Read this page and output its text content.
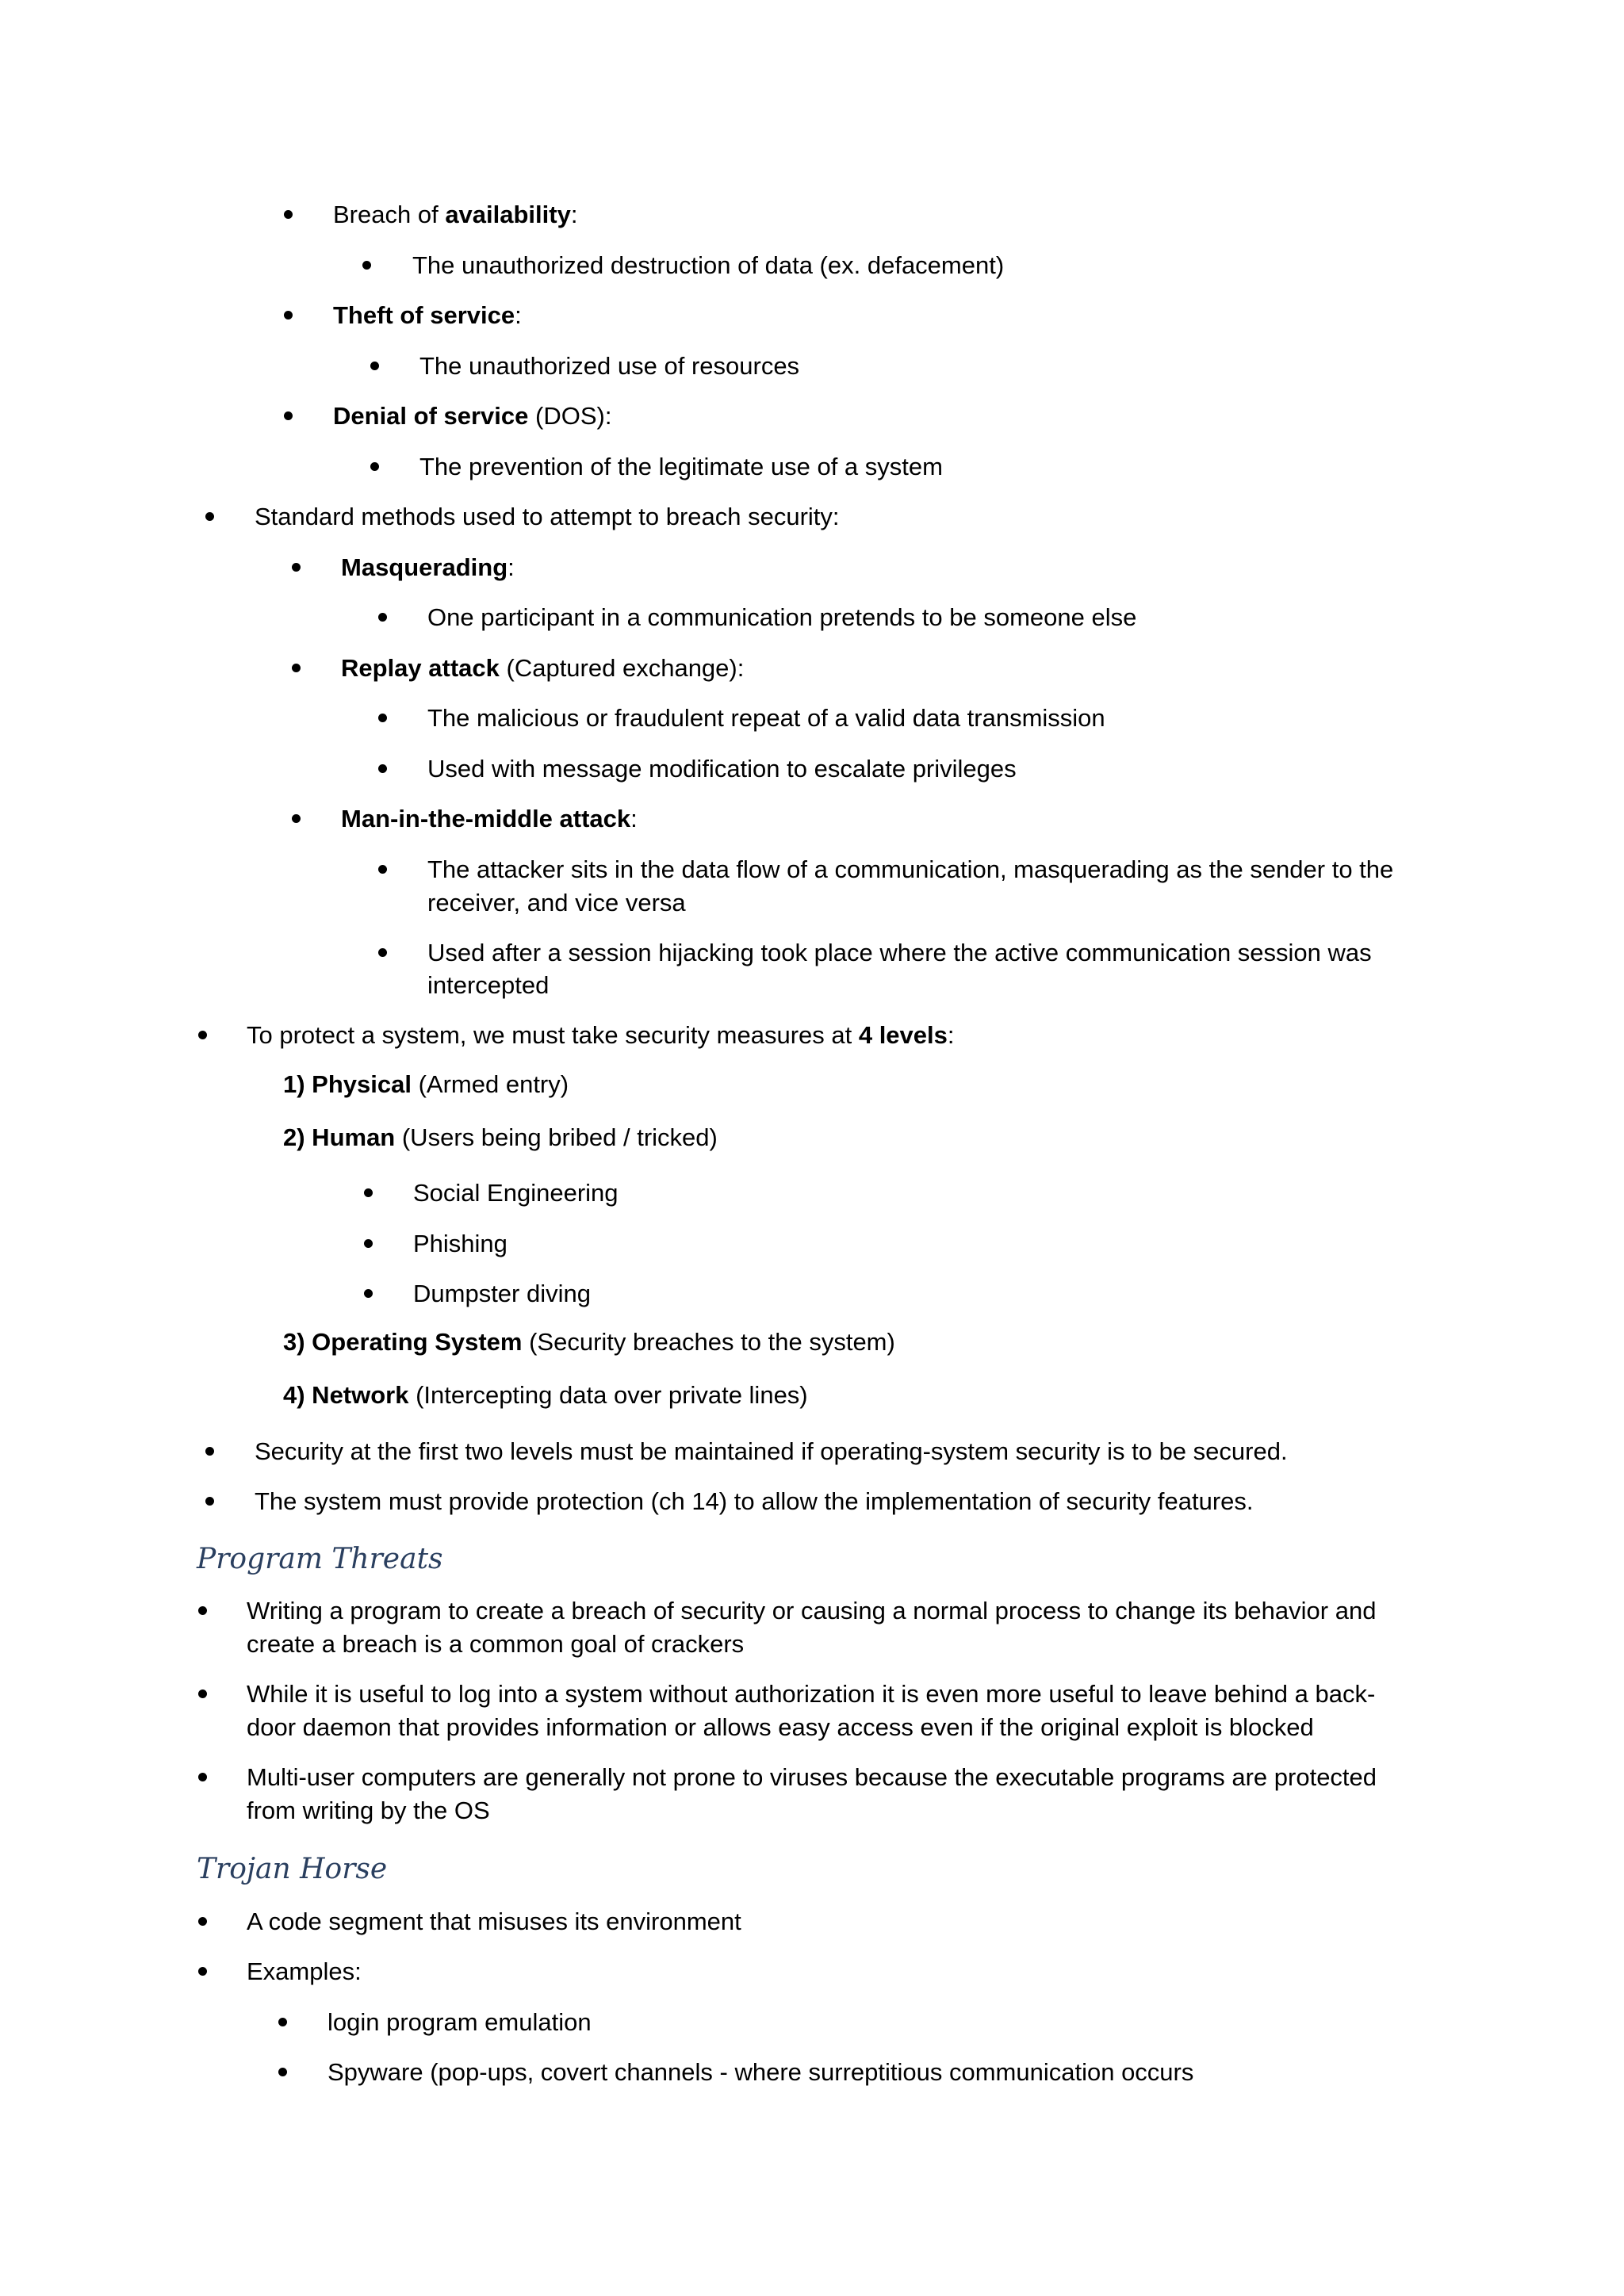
Breach of availability:
The unauthorized destruction of data (ex. defacement)
Theft of service:
The unauthorized use of resources
Denial of service (DOS):
The prevention of the legitimate use of a system
Standard methods used to attempt to breach security:
Masquerading:
One participant in a communication pretends to be someone else
Replay attack (Captured exchange):
The malicious or fraudulent repeat of a valid data transmission
Used with message modification to escalate privileges
Man-in-the-middle attack:
The attacker sits in the data flow of a communication, masquerading as the sender to the
receiver, and vice versa
Used after a session hijacking took place where the active communication session was
intercepted
To protect a system, we must take security measures at 4 levels:
1) Physical (Armed entry)
2) Human (Users being bribed / tricked)
Social Engineering
Phishing
Dumpster diving
3) Operating System (Security breaches to the system)
4) Network (Intercepting data over private lines)
Security at the first two levels must be maintained if operating-system security is to be secured.
The system must provide protection (ch 14) to allow the implementation of security features.
Program Threats
Writing a program to create a breach of security or causing a normal process to change its behavior and
create a breach is a common goal of crackers
While it is useful to log into a system without authorization it is even more useful to leave behind a back-
door daemon that provides information or allows easy access even if the original exploit is blocked
Multi-user computers are generally not prone to viruses because the executable programs are protected
from writing by the OS
Trojan Horse
A code segment that misuses its environment
Examples:
login program emulation
Spyware (pop-ups, covert channels - where surreptitious communication occurs
